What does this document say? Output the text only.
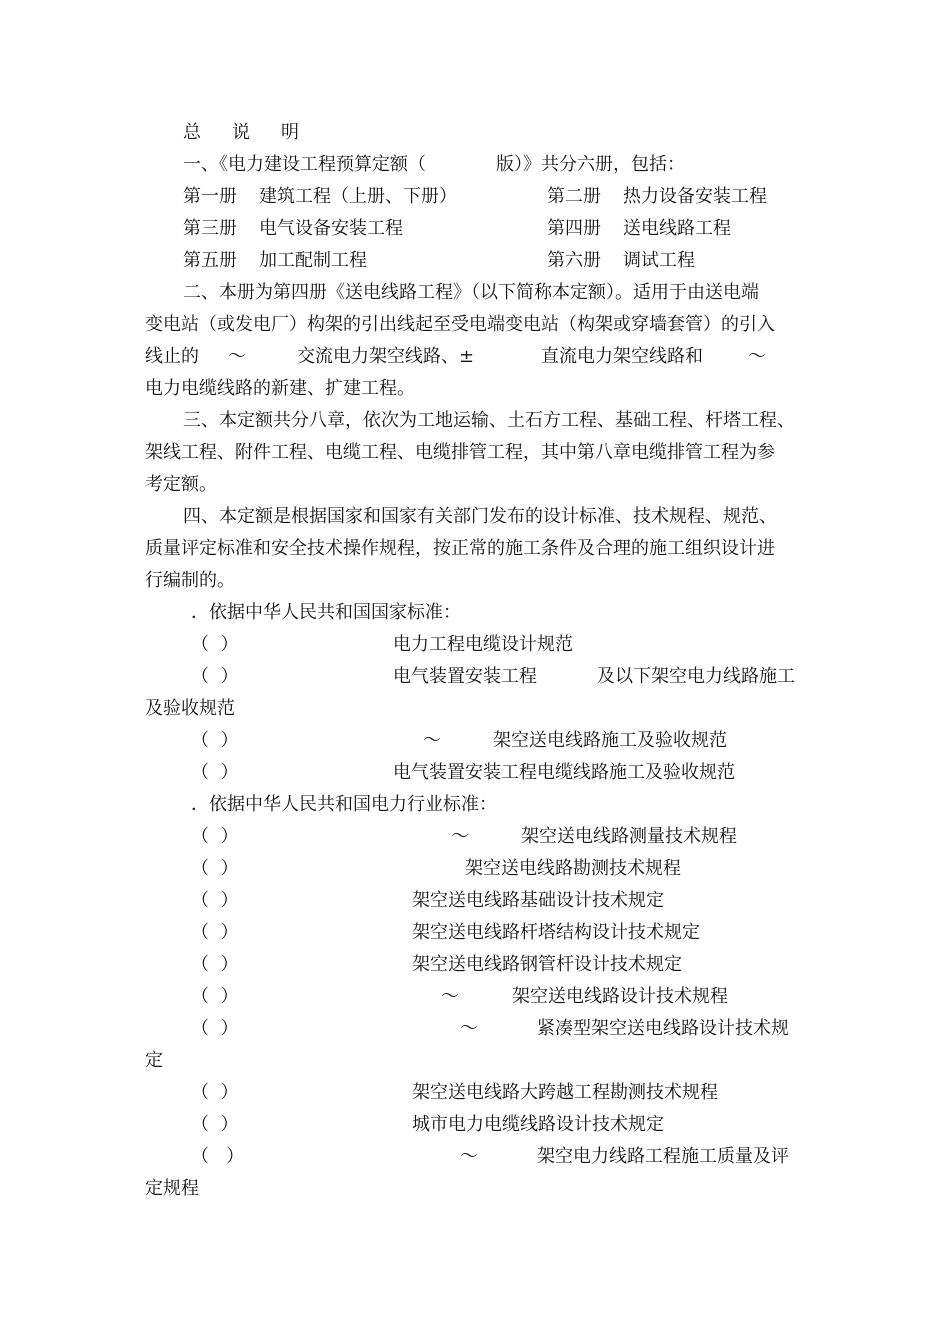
总 说 明
一、《电力建设工程预算定额（	版）》共分六册，包括：
第一册 建筑工程（上册、下册）	第二册 热力设备安装工程
第三册 电气设备安装工程	第四册 送电线路工程
第五册 加工配制工程	第六册 调试工程
二、本册为第四册《送电线路工程》（以下简称本定额）。适用于由送电端
变电站（或发电厂）构架的引出线起至受电端变电站（构架或穿墙套管）的引入
线止的 ～	交流电力架空线路、±	直流电力架空线路和	～
电力电缆线路的新建、扩建工程。
三、本定额共分八章，依次为工地运输、土石方工程、基础工程、杆塔工程、
架线工程、附件工程、电缆工程、电缆排管工程，其中第八章电缆排管工程为参
考定额。
四、本定额是根据国家和国家有关部门发布的设计标准、技术规程、规范、
质量评定标准和安全技术操作规程，按正常的施工条件及合理的施工组织设计进
行编制的。
．依据中华人民共和国国家标准：
（  ）	电力工程电缆设计规范
（  ）	电气装置安装工程	及以下架空电力线路施工
及验收规范
（  ）	～	架空送电线路施工及验收规范
（  ）	电气装置安装工程电缆线路施工及验收规范
．依据中华人民共和国电力行业标准：
（  ）	～	架空送电线路测量技术规程
（  ）	架空送电线路勘测技术规程
（  ）	架空送电线路基础设计技术规定
（  ）	架空送电线路杆塔结构设计技术规定
（  ）	架空送电线路钢管杆设计技术规定
（  ）	～	架空送电线路设计技术规程
（  ）	～	紧凑型架空送电线路设计技术规
定
（  ）	架空送电线路大跨越工程勘测技术规程
（  ）	城市电力电缆线路设计技术规定
（   ）	～	架空电力线路工程施工质量及评
定规程
